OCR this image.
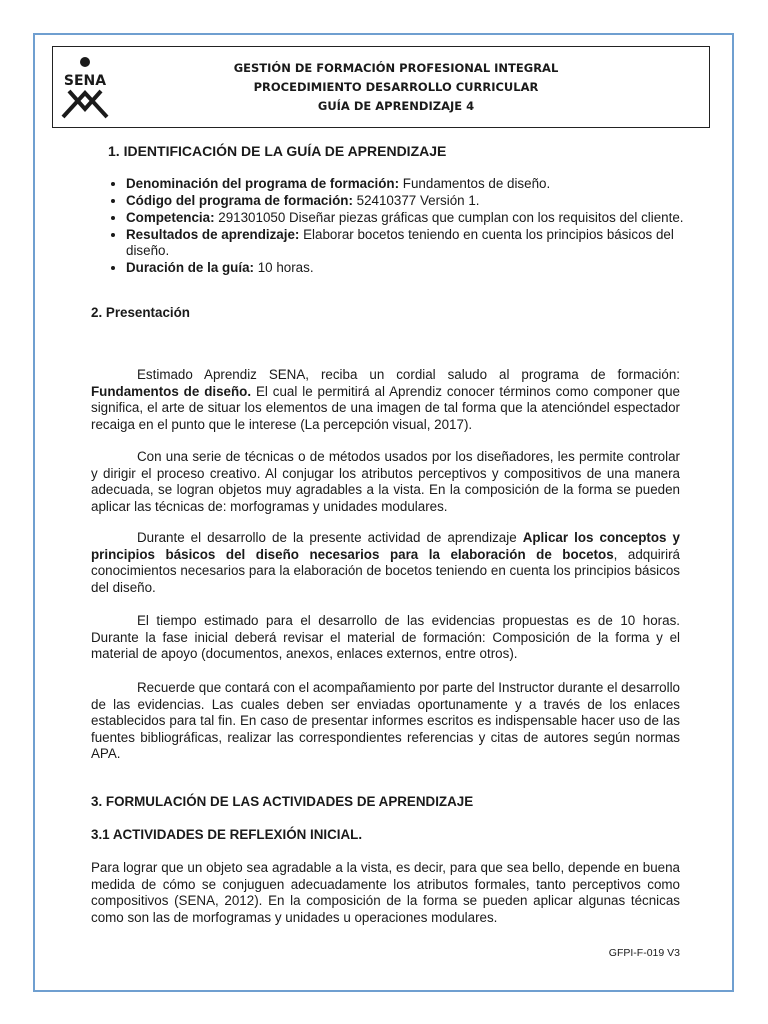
SENA
GESTIÓN DE FORMACIÓN PROFESIONAL INTEGRAL
PROCEDIMIENTO DESARROLLO CURRICULAR
GUÍA DE APRENDIZAJE 4
1. IDENTIFICACIÓN DE LA GUÍA DE APRENDIZAJE
• Denominación del programa de formación: Fundamentos de diseño.
• Código del programa de formación: 52410377 Versión 1.
• Competencia: 291301050 Diseñar piezas gráficas que cumplan con los requisitos del cliente.
• Resultados de aprendizaje: Elaborar bocetos teniendo en cuenta los principios básicos del diseño.
• Duración de la guía: 10 horas.
2. Presentación

Estimado Aprendiz SENA, reciba un cordial saludo al programa de formación: Fundamentos de diseño. El cual le permitirá al Aprendiz conocer términos como componer que significa, el arte de situar los elementos de una imagen de tal forma que la atencióndel espectador recaiga en el punto que le interese (La percepción visual, 2017).

Con una serie de técnicas o de métodos usados por los diseñadores, les permite controlar y dirigir el proceso creativo. Al conjugar los atributos perceptivos y compositivos de una manera adecuada, se logran objetos muy agradables a la vista. En la composición de la forma se pueden aplicar las técnicas de: morfogramas y unidades modulares.

Durante el desarrollo de la presente actividad de aprendizaje Aplicar los conceptos y principios básicos del diseño necesarios para la elaboración de bocetos, adquirirá conocimientos necesarios para la elaboración de bocetos teniendo en cuenta los principios básicos del diseño.

El tiempo estimado para el desarrollo de las evidencias propuestas es de 10 horas. Durante la fase inicial deberá revisar el material de formación: Composición de la forma y el material de apoyo (documentos, anexos, enlaces externos, entre otros).

Recuerde que contará con el acompañamiento por parte del Instructor durante el desarrollo de las evidencias. Las cuales deben ser enviadas oportunamente y a través de los enlaces establecidos para tal fin. En caso de presentar informes escritos es indispensable hacer uso de las fuentes bibliográficas, realizar las correspondientes referencias y citas de autores según normas APA.

3. FORMULACIÓN DE LAS ACTIVIDADES DE APRENDIZAJE
3.1 ACTIVIDADES DE REFLEXIÓN INICIAL.

Para lograr que un objeto sea agradable a la vista, es decir, para que sea bello, depende en buena medida de cómo se conjuguen adecuadamente los atributos formales, tanto perceptivos como compositivos (SENA, 2012). En la composición de la forma se pueden aplicar algunas técnicas como son las de morfogramas y unidades u operaciones modulares.

GFPI-F-019 V3
